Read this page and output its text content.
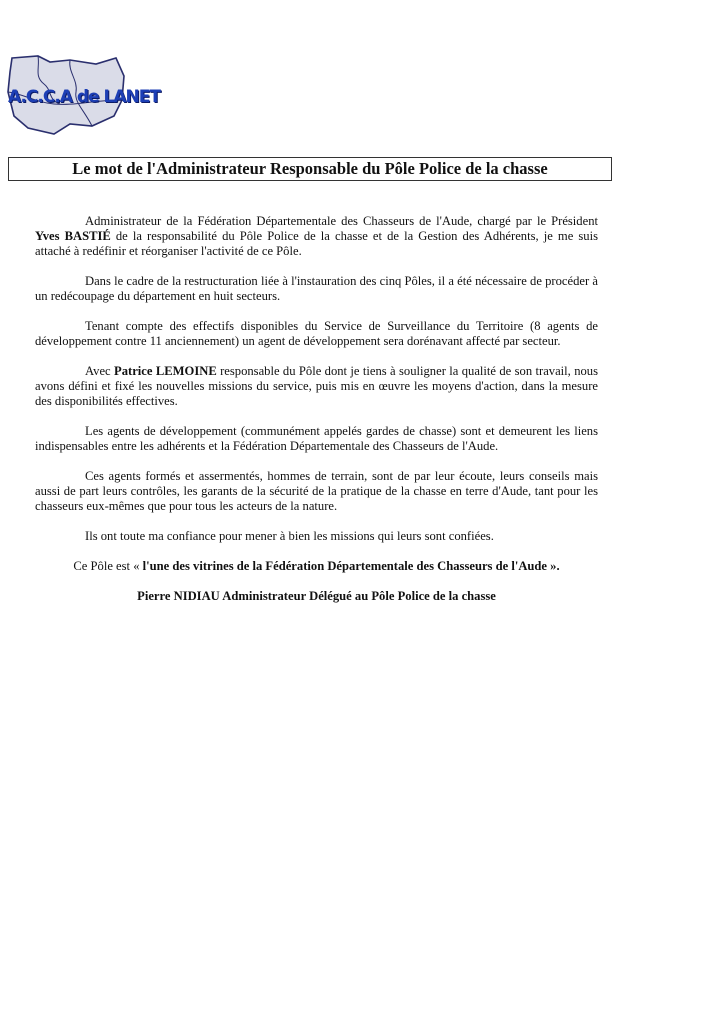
A.C.C.A de LANET
Le mot de l'Administrateur Responsable du Pôle Police de la chasse

Administrateur de la Fédération Départementale des Chasseurs de l'Aude, chargé par le Président Yves BASTIÉ de la responsabilité du Pôle Police de la chasse et de la Gestion des Adhérents, je me suis attaché à redéfinir et réorganiser l'activité de ce Pôle.

Dans le cadre de la restructuration liée à l'instauration des cinq Pôles, il a été nécessaire de procéder à un redécoupage du département en huit secteurs.

Tenant compte des effectifs disponibles du Service de Surveillance du Territoire (8 agents de développement contre 11 anciennement) un agent de développement sera dorénavant affecté par secteur.

Avec Patrice LEMOINE responsable du Pôle dont je tiens à souligner la qualité de son travail, nous avons défini et fixé les nouvelles missions du service, puis mis en œuvre les moyens d'action, dans la mesure des disponibilités effectives.

Les agents de développement (communément appelés gardes de chasse) sont et demeurent les liens indispensables entre les adhérents et la Fédération Départementale des Chasseurs de l'Aude.

Ces agents formés et assermentés, hommes de terrain, sont de par leur écoute, leurs conseils mais aussi de part leurs contrôles, les garants de la sécurité de la pratique de la chasse en terre d'Aude, tant pour les chasseurs eux-mêmes que pour tous les acteurs de la nature.

Ils ont toute ma confiance pour mener à bien les missions qui leurs sont confiées.

Ce Pôle est « l'une des vitrines de la Fédération Départementale des Chasseurs de l'Aude ».

Pierre NIDIAU Administrateur Délégué au Pôle Police de la chasse
